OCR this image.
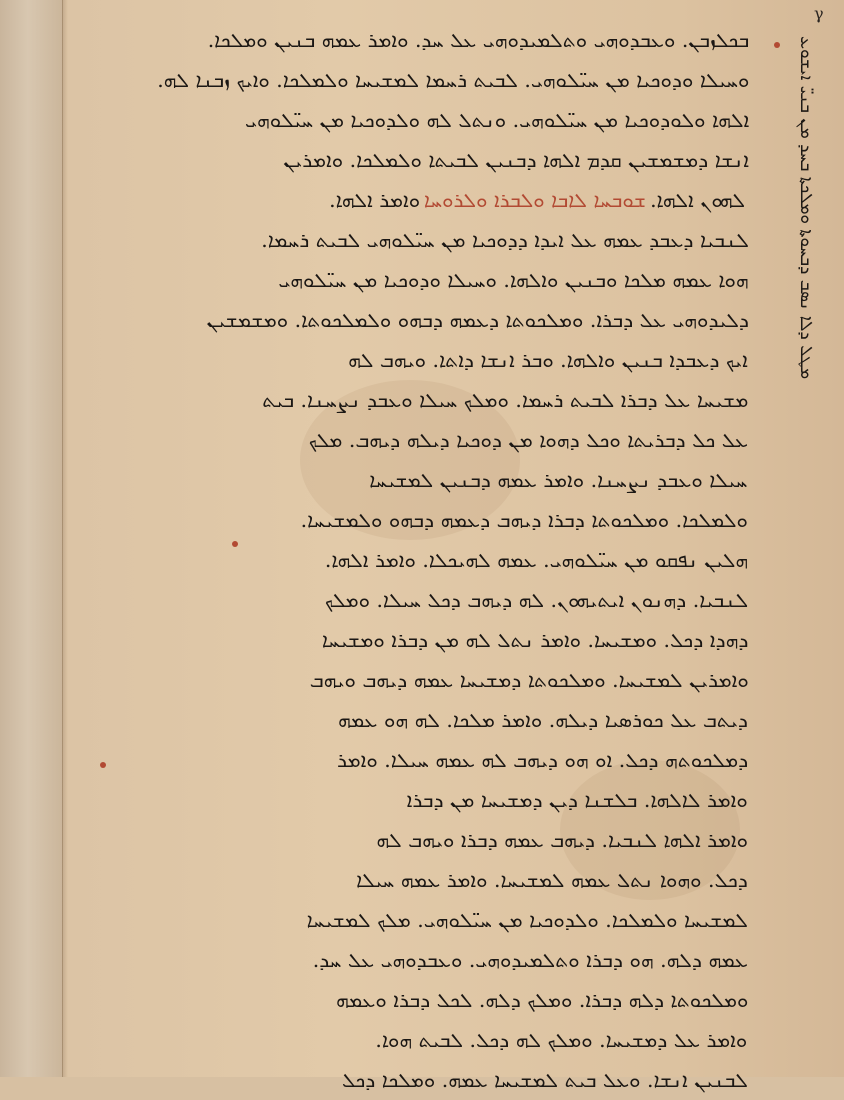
γ
ܡܛܠ ܕܠܐ ܢܣܒ ܕܒܚܘܬܐ ܘܡܠܟܬܐ ܒܚܕ ܡܢ ܒܢܝ̈ ܐܝܫܘܥ
ܒܟܠܙܒܢ. ܘܥܒܕܘܗܝ ܘܬܠܡܝܕܘܗܝ ܥܠ ܚܕ. ܘܐܡܪ ܥܡܗ ܒܢܝܢ ܘܡܠܟܐ.
ܘܚܝܠܐ ܘܕܘܟܝܐ ܡܢ ܚܝ̈ܠܘܗܝ. ܠܒܝܬ ܪܚܡܐ ܠܡܫܝܚܐ ܘܠܡܠܟܐ. ܘܐܝܟ ܙܒܢܐ ܠܗ.
ܐܠܗܐ ܘܠܘܕܘܟܝܐ ܡܢ ܚܝ̈ܠܘܗܝ. ܘܢܬܠ ܠܗ ܘܠܕܘܟܝܐ ܡܢ ܚܝ̈ܠܘܗܝ
ܐܢܫܐ ܕܡܫܡܫܝܢ ܩܕܡ ܐܠܗܐ ܕܒܢܝܢ ܠܒܝܬܐ ܘܠܡܠܟܐ. ܘܐܡܪܝܢ
ܠܗܘܢ ܐܠܗܐ. ܫܘܒܚܐ ܠܐܒܐ ܘܠܒܪܐ ܘܠܪܘܚܐ ܘܐܡܪ ܐܠܗܐ.
ܠܢܒܝܐ ܕܥܒܕ ܥܡܗ ܥܠ ܐܝܕܐ ܕܕܘܟܝܐ ܡܢ ܚܝ̈ܠܘܗܝ ܠܒܝܬ ܪܚܡܐ.
ܗܘܐ ܥܡܗ ܡܠܟܐ ܘܒܢܝܢ ܘܐܠܗܐ. ܘܚܝܠܐ ܘܕܘܟܝܐ ܡܢ ܚܝ̈ܠܘܗܝ
ܕܠܝܕܘܗܝ ܥܠ ܕܒܪܐ. ܘܡܠܟܘܬܐ ܕܥܡܗ ܕܒܗܘ ܘܠܡܠܟܘܬܐ. ܘܡܫܡܫܝܢ
ܐܝܟ ܕܥܒܕܐ ܒܢܝܢ ܘܐܠܗܐ. ܘܒܪ ܐܢܫܐ ܕܐܬܐ. ܘܝܗܒ ܠܗ
ܡܫܝܚܐ ܥܠ ܕܒܪܐ ܠܒܝܬ ܪܚܡܐ. ܘܡܠܟ ܚܝܠܐ ܘܥܒܕ ܢܨܚܢܐ. ܒܝܬ
ܥܠ ܟܠ ܕܒܪܝܬܐ ܘܟܠ ܕܗܘܐ ܡܢ ܕܘܟܝܐ ܕܝܠܗ ܕܝܗܒ. ܡܠܟ
ܚܝܠܐ ܘܥܒܕ ܢܨܚܢܐ. ܘܐܡܪ ܥܡܗ ܕܒܢܝܢ ܠܡܫܝܚܐ
ܘܠܡܠܟܐ. ܘܡܠܟܘܬܐ ܕܒܪܐ ܕܝܗܒ ܕܥܡܗ ܕܒܗܘ ܘܠܡܫܝܚܐ.
ܗܠܝܢ ܢܦܩܘ ܡܢ ܚܝ̈ܠܘܗܝ. ܥܡܗ ܠܗܝܟܠܐ. ܘܐܡܪ ܐܠܗܐ.
ܠܢܒܝܐ. ܕܗܢܘܢ ܐܝܬܝܗܘܢ. ܠܗ ܕܝܗܒ ܕܟܠ ܚܝܠܐ. ܘܡܠܟ
ܕܗܕܐ ܕܟܠ. ܘܡܫܝܚܐ. ܘܐܡܪ ܢܬܠ ܠܗ ܡܢ ܕܒܪܐ ܘܡܫܝܚܐ
ܘܐܡܪܝܢ ܠܡܫܝܚܐ. ܘܡܠܟܘܬܐ ܕܡܫܝܚܐ ܥܡܗ ܕܝܗܒ ܘܝܗܒ
ܕܝܬܒ ܥܠ ܟܘܪܣܝܐ ܕܝܠܗ. ܘܐܡܪ ܡܠܟܐ. ܠܗ ܗܘ ܥܡܗ
ܕܡܠܟܘܬܗ ܕܟܠ. ܐܘ ܗܘ ܕܝܗܒ ܠܗ ܥܡܗ ܚܝܠܐ. ܘܐܡܪ
ܘܐܡܪ ܠܐܠܗܐ. ܒܠܫܢܐ ܕܝܢ ܕܡܫܝܚܐ ܡܢ ܕܒܪܐ
ܘܐܡܪ ܐܠܗܐ ܠܢܒܝܐ. ܕܝܗܒ ܥܡܗ ܕܒܪܐ ܘܝܗܒ ܠܗ
ܕܟܠ. ܘܗܘܐ ܢܬܠ ܥܡܗ ܠܡܫܝܚܐ. ܘܐܡܪ ܥܡܗ ܚܝܠܐ
ܠܡܫܝܚܐ ܘܠܡܠܟܐ. ܘܠܕܘܟܝܐ ܡܢ ܚܝ̈ܠܘܗܝ. ܡܠܟ ܠܡܫܝܚܐ
ܥܡܗ ܕܠܗ. ܗܘ ܕܒܪܐ ܘܬܠܡܝܕܘܗܝ. ܘܥܒܕܘܗܝ ܥܠ ܚܕ.
ܘܡܠܟܘܬܐ ܕܠܗ ܕܒܪܐ. ܘܡܠܟ ܕܠܗ. ܠܟܠ ܕܒܪܐ ܘܥܡܗ
ܘܐܡܪ ܥܠ ܕܡܫܝܚܐ. ܘܡܠܟ ܠܗ ܕܟܠ. ܠܒܝܬ ܗܘܐ.
ܠܒܢܝܢ ܐܢܫܐ. ܘܥܠ ܒܝܬ ܠܡܫܝܚܐ ܥܡܗ. ܘܡܠܟܐ ܕܟܠ
